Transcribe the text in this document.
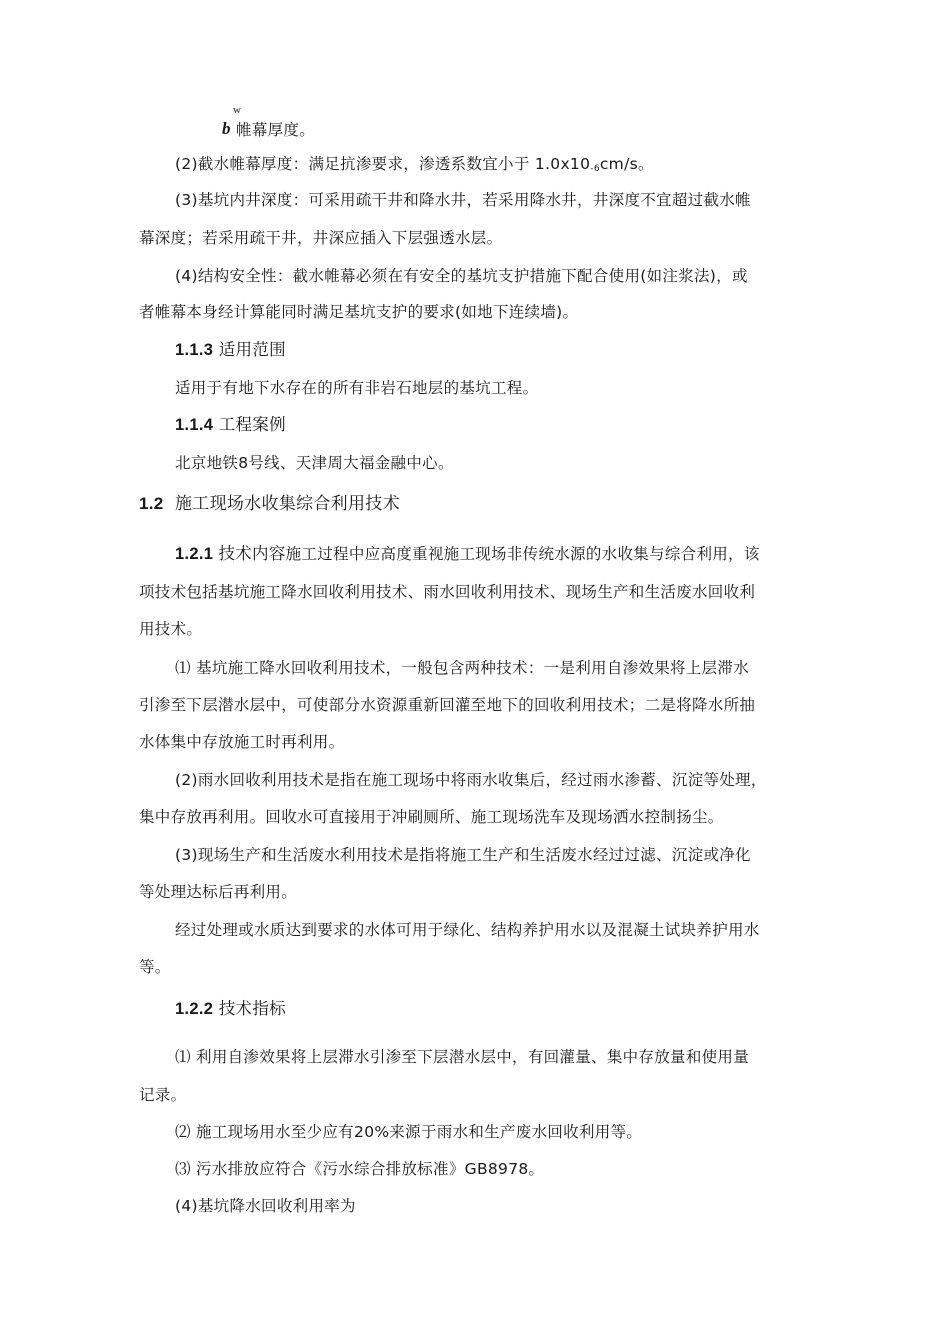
w
b 帷幕厚度。
(2)截水帷幕厚度：满足抗渗要求，渗透系数宜小于 1.0x10-6cm/s。
(3)基坑内井深度：可采用疏干井和降水井，若采用降水井，井深度不宜超过截水帷
幕深度；若采用疏干井，井深应插入下层强透水层。
(4)结构安全性：截水帷幕必须在有安全的基坑支护措施下配合使用(如注浆法)，或
者帷幕本身经计算能同时满足基坑支护的要求(如地下连续墙)。
1.1.3 适用范围
适用于有地下水存在的所有非岩石地层的基坑工程。
1.1.4 工程案例
北京地铁8号线、天津周大福金融中心。
1.2 施工现场水收集综合利用技术
1.2.1 技术内容施工过程中应高度重视施工现场非传统水源的水收集与综合利用，该
项技术包括基坑施工降水回收利用技术、雨水回收利用技术、现场生产和生活废水回收利
用技术。
⑴ 基坑施工降水回收利用技术，一般包含两种技术：一是利用自渗效果将上层滞水
引渗至下层潜水层中，可使部分水资源重新回灌至地下的回收利用技术；二是将降水所抽
水体集中存放施工时再利用。
(2)雨水回收利用技术是指在施工现场中将雨水收集后，经过雨水渗蓄、沉淀等处理，
集中存放再利用。回收水可直接用于冲刷厕所、施工现场洗车及现场洒水控制扬尘。
(3)现场生产和生活废水利用技术是指将施工生产和生活废水经过过滤、沉淀或净化
等处理达标后再利用。
经过处理或水质达到要求的水体可用于绿化、结构养护用水以及混凝土试块养护用水
等。
1.2.2 技术指标
⑴ 利用自渗效果将上层滞水引渗至下层潜水层中，有回灌量、集中存放量和使用量
记录。
⑵ 施工现场用水至少应有20%来源于雨水和生产废水回收利用等。
⑶ 污水排放应符合《污水综合排放标准》GB8978。
(4)基坑降水回收利用率为
